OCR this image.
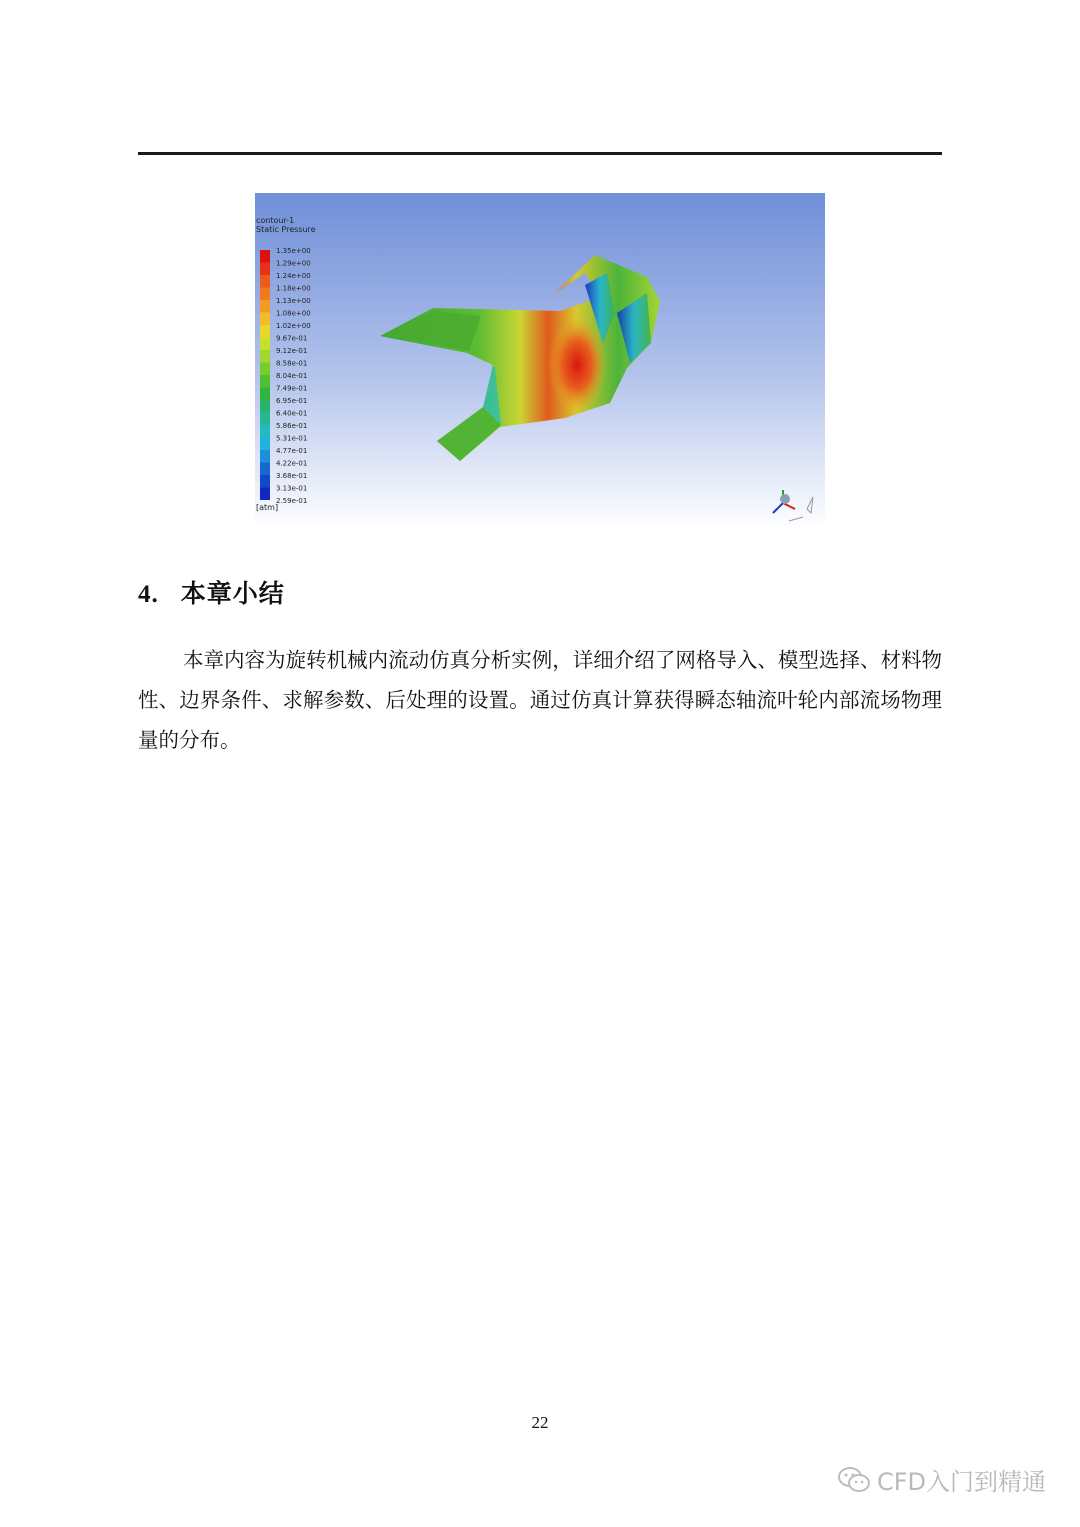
contour-1
Static Pressure
1.35e+00
1.29e+00
1.24e+00
1.18e+00
1.13e+00
1.08e+00
1.02e+00
9.67e-01
9.12e-01
8.58e-01
8.04e-01
7.49e-01
6.95e-01
6.40e-01
5.86e-01
5.31e-01
4.77e-01
4.22e-01
3.68e-01
3.13e-01
2.59e-01
[atm]
4. 本章小结

本章内容为旋转机械内流动仿真分析实例，详细介绍了网格导入、模型选择、材料物性、边界条件、求解参数、后处理的设置。通过仿真计算获得瞬态轴流叶轮内部流场物理量的分布。

22
CFD入门到精通
